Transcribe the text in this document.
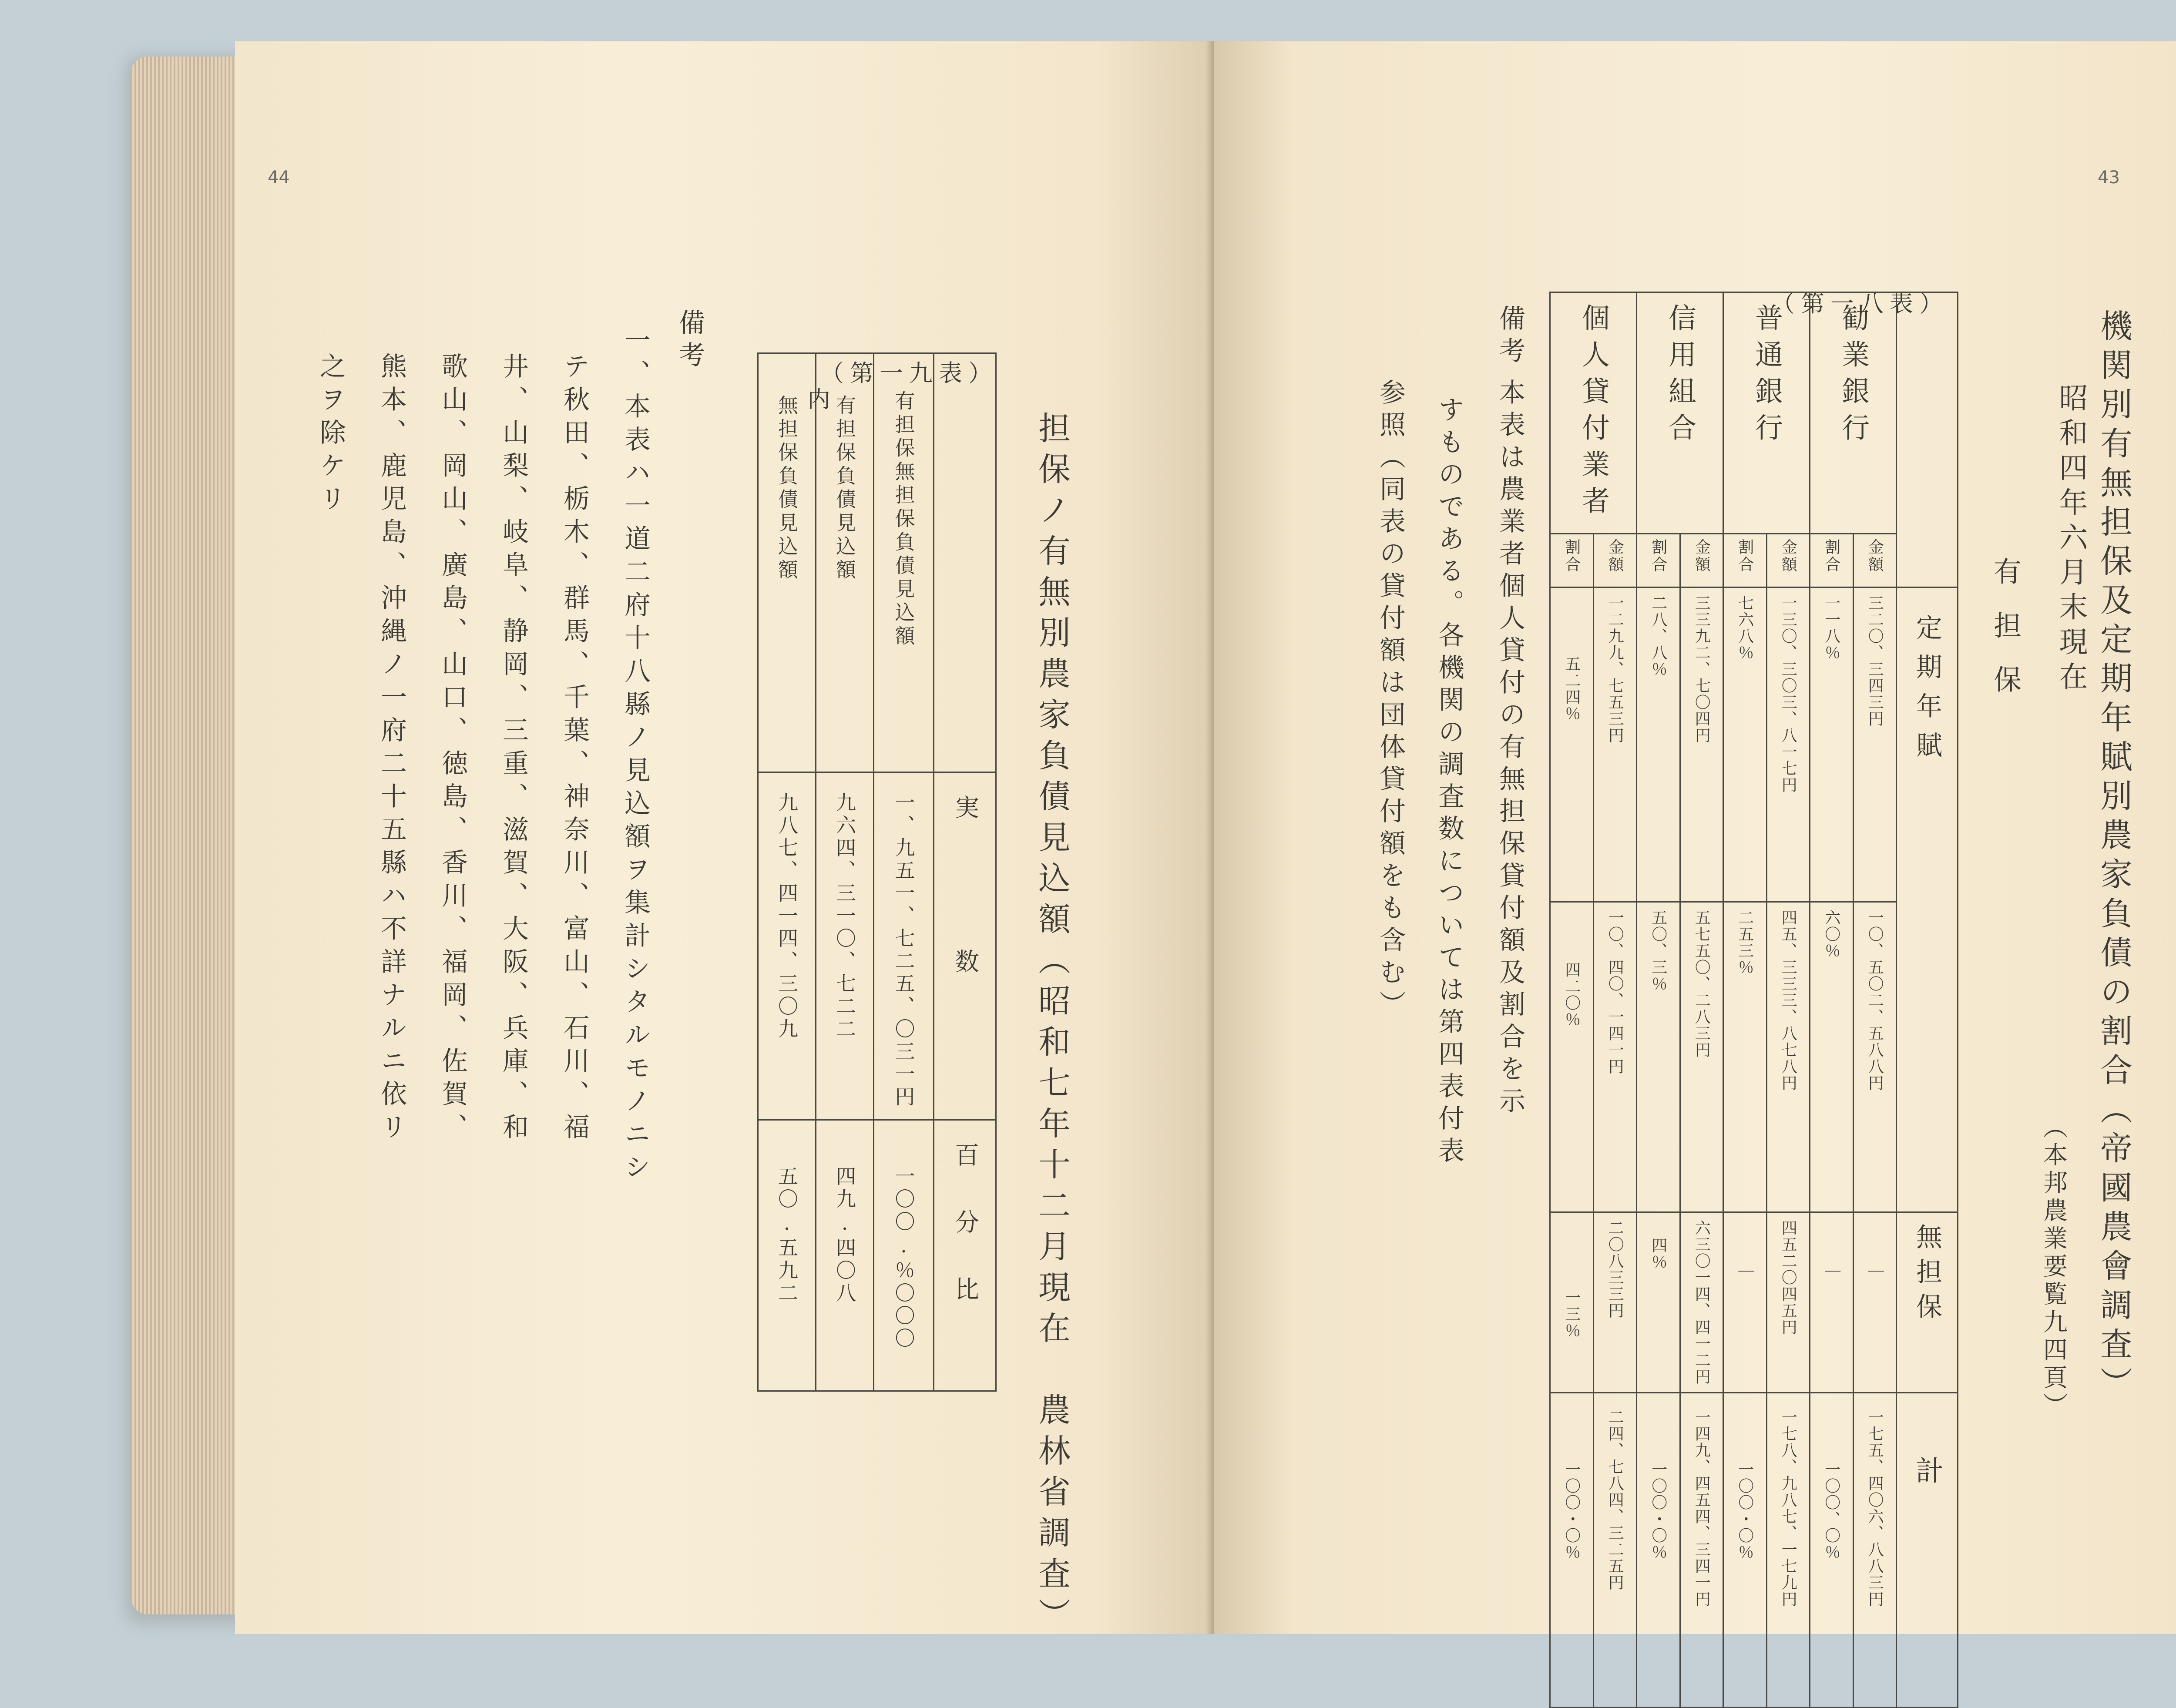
44
担保ノ有無別農家負債見込額（昭和七年十二月現在　農林省調査）
（第一九表）
無担保負債見込額	有担保負債見込額	有担保無担保負債見込額	

九八七、四一四、三〇九	九六四、三一〇、七二二	一、九五一、七二五、〇三一円	実
数

五〇.五九二	四九.四〇八	一〇〇.％〇〇〇	百
分
比
内
備考
一、本表ハ一道二府十八縣ノ見込額ヲ集計シタルモノニシ
テ秋田、栃木、群馬、千葉、神奈川、富山、石川、福
井、山梨、岐阜、静岡、三重、滋賀、大阪、兵庫、和
歌山、岡山、廣島、山口、徳島、香川、福岡、佐賀、
熊本、鹿児島、沖縄ノ一府二十五縣ハ不詳ナルニ依リ
之ヲ除ケリ
43
（第一八表）
機関別有無担保及定期年賦別農家負債の割合（帝國農會調査）
（本邦農業要覧九四頁）
昭和四年六月末現在
個人貸付業者		信用組合		普通銀行		勧業銀行		

割合	金額	割合	金額	割合	金額	割合	金額	

五二四％	一二九九、七五三円	二八、八％	三三九二、七〇四円	七六八％	一三〇、三〇三、八一七円	一一八％	三二〇、三四三円	定期年賦

四二〇％	一〇、四〇、一四一円	五〇、三％	五七五〇、二八三円	二五三％	四五、三三三、八七八円	六〇％	一〇、五〇二、五八八円	

一三％	二〇八三三円	四％	六三〇一四、四一二円	｜	四五二〇四五円	｜	｜	無担保

一〇〇・〇％	二四、七八四、三二五円	一〇〇・〇％	一四九、四五四、三四一円	一〇〇・〇％	一七八、九八七、一七九円	一〇〇、〇％	一七五、四〇六、八八三円	計
有担保
備考
本表は農業者個人貸付の有無担保貸付額及割合を示
すものである。各機関の調査数については第四表付表
参照（同表の貸付額は団体貸付額をも含む）
